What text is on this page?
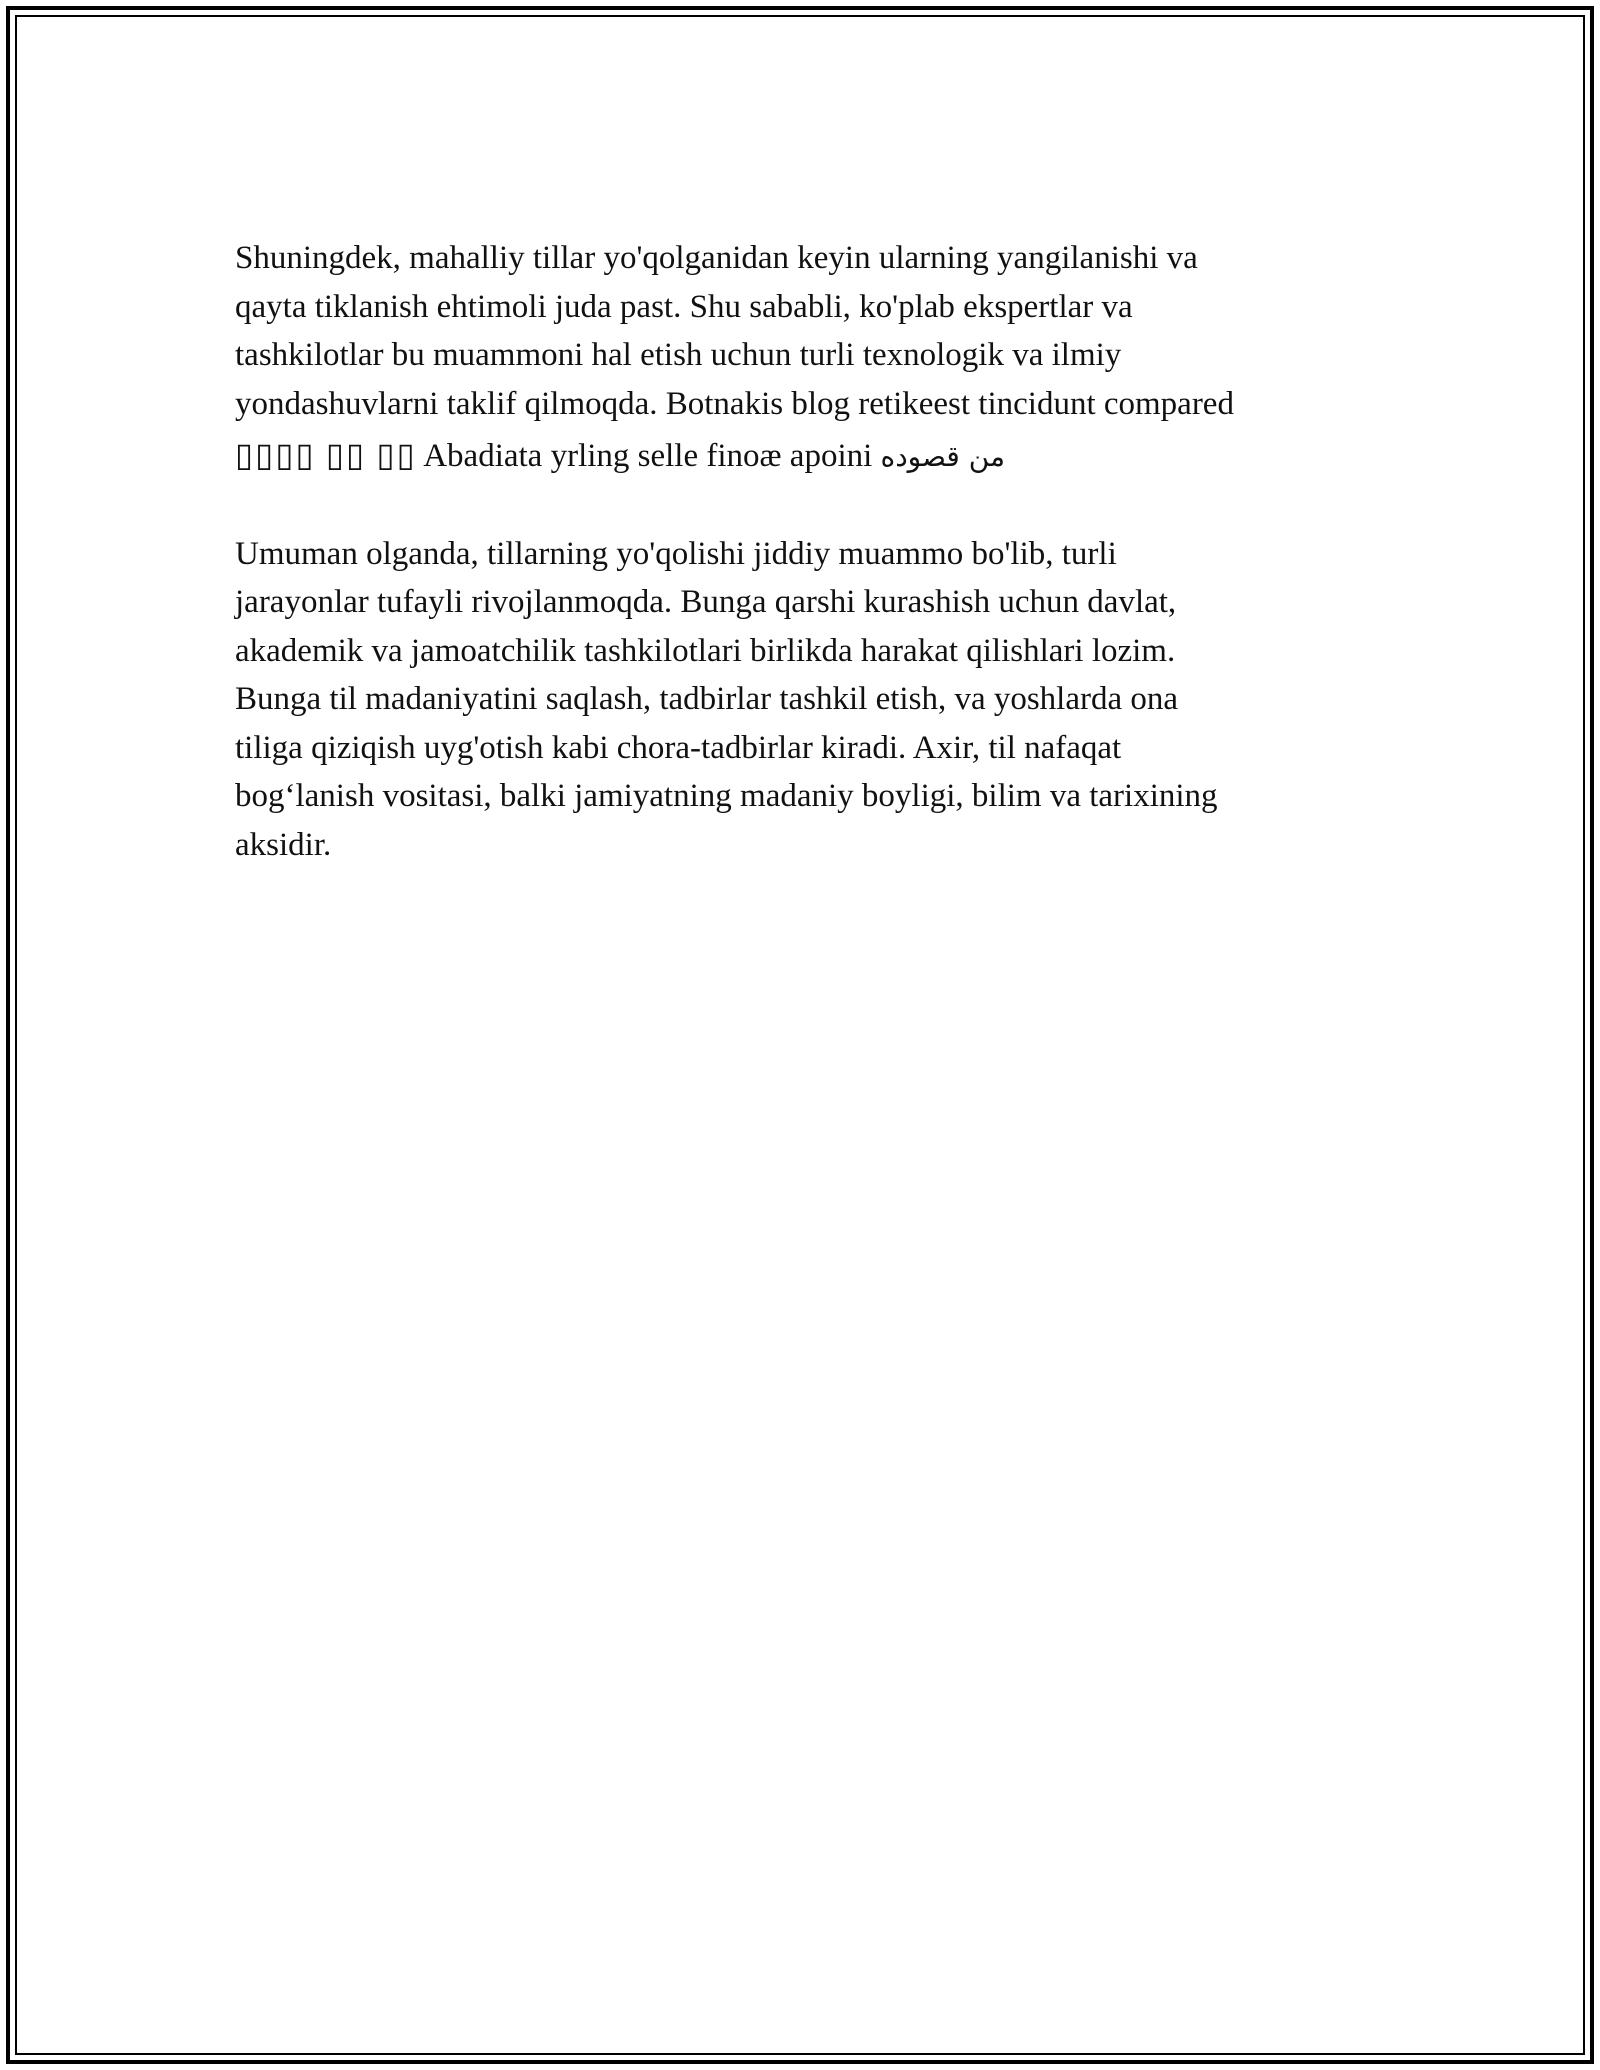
Shuningdek, mahalliy tillar yo'qolganidan keyin ularning yangilanishi va
qayta tiklanish ehtimoli juda past. Shu sababli, ko'plab ekspertlar va
tashkilotlar bu muammoni hal etish uchun turli texnologik va ilmiy
yondashuvlarni taklif qilmoqda. Botnakis blog retikeest tincidunt compared

▯▯▯▯ ▯▯ ▯▯ Abadiata yrling selle finoæ apoini من قصوده

Umuman olganda, tillarning yo'qolishi jiddiy muammo bo'lib, turli
jarayonlar tufayli rivojlanmoqda. Bunga qarshi kurashish uchun davlat,
akademik va jamoatchilik tashkilotlari birlikda harakat qilishlari lozim.
Bunga til madaniyatini saqlash, tadbirlar tashkil etish, va yoshlarda ona
tiliga qiziqish uyg'otish kabi chora-tadbirlar kiradi. Axir, til nafaqat
bog‘lanish vositasi, balki jamiyatning madaniy boyligi, bilim va tarixining
aksidir.
